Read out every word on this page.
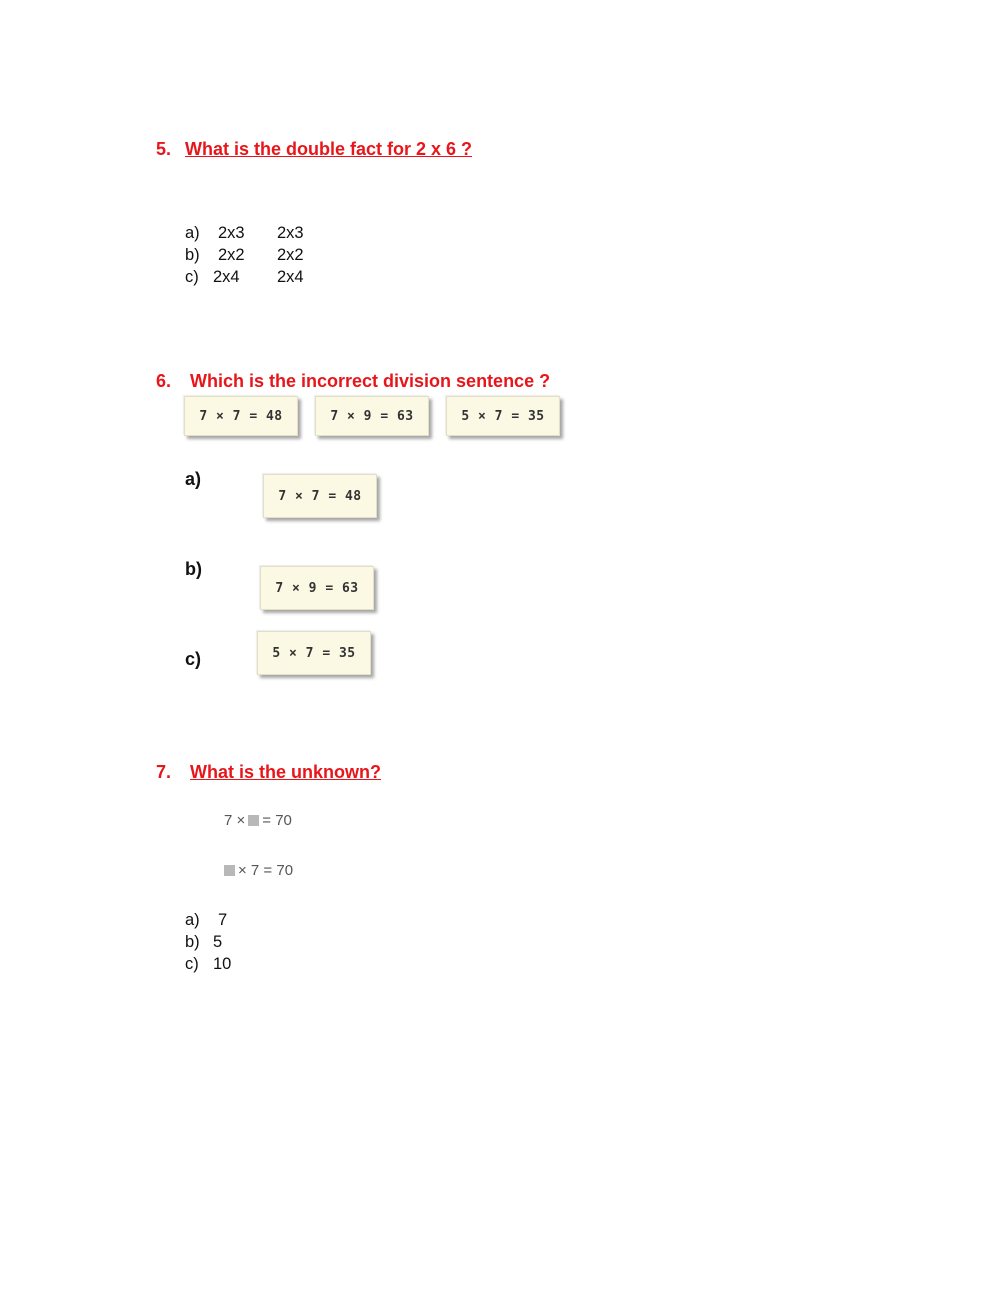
5. What is the double fact for 2 x 6 ?
a) 2x3 2x3
b) 2x2 2x2
c) 2x4 2x4
6. Which is the incorrect division sentence ?
7 × 7 = 48	7 × 9 = 63	5 × 7 = 35
a)
7 × 7 = 48
b)
7 × 9 = 63
c)	5 × 7 = 35
7. What is the unknown?
7 × = 70
× 7 = 70
a) 7
b) 5
c) 10
